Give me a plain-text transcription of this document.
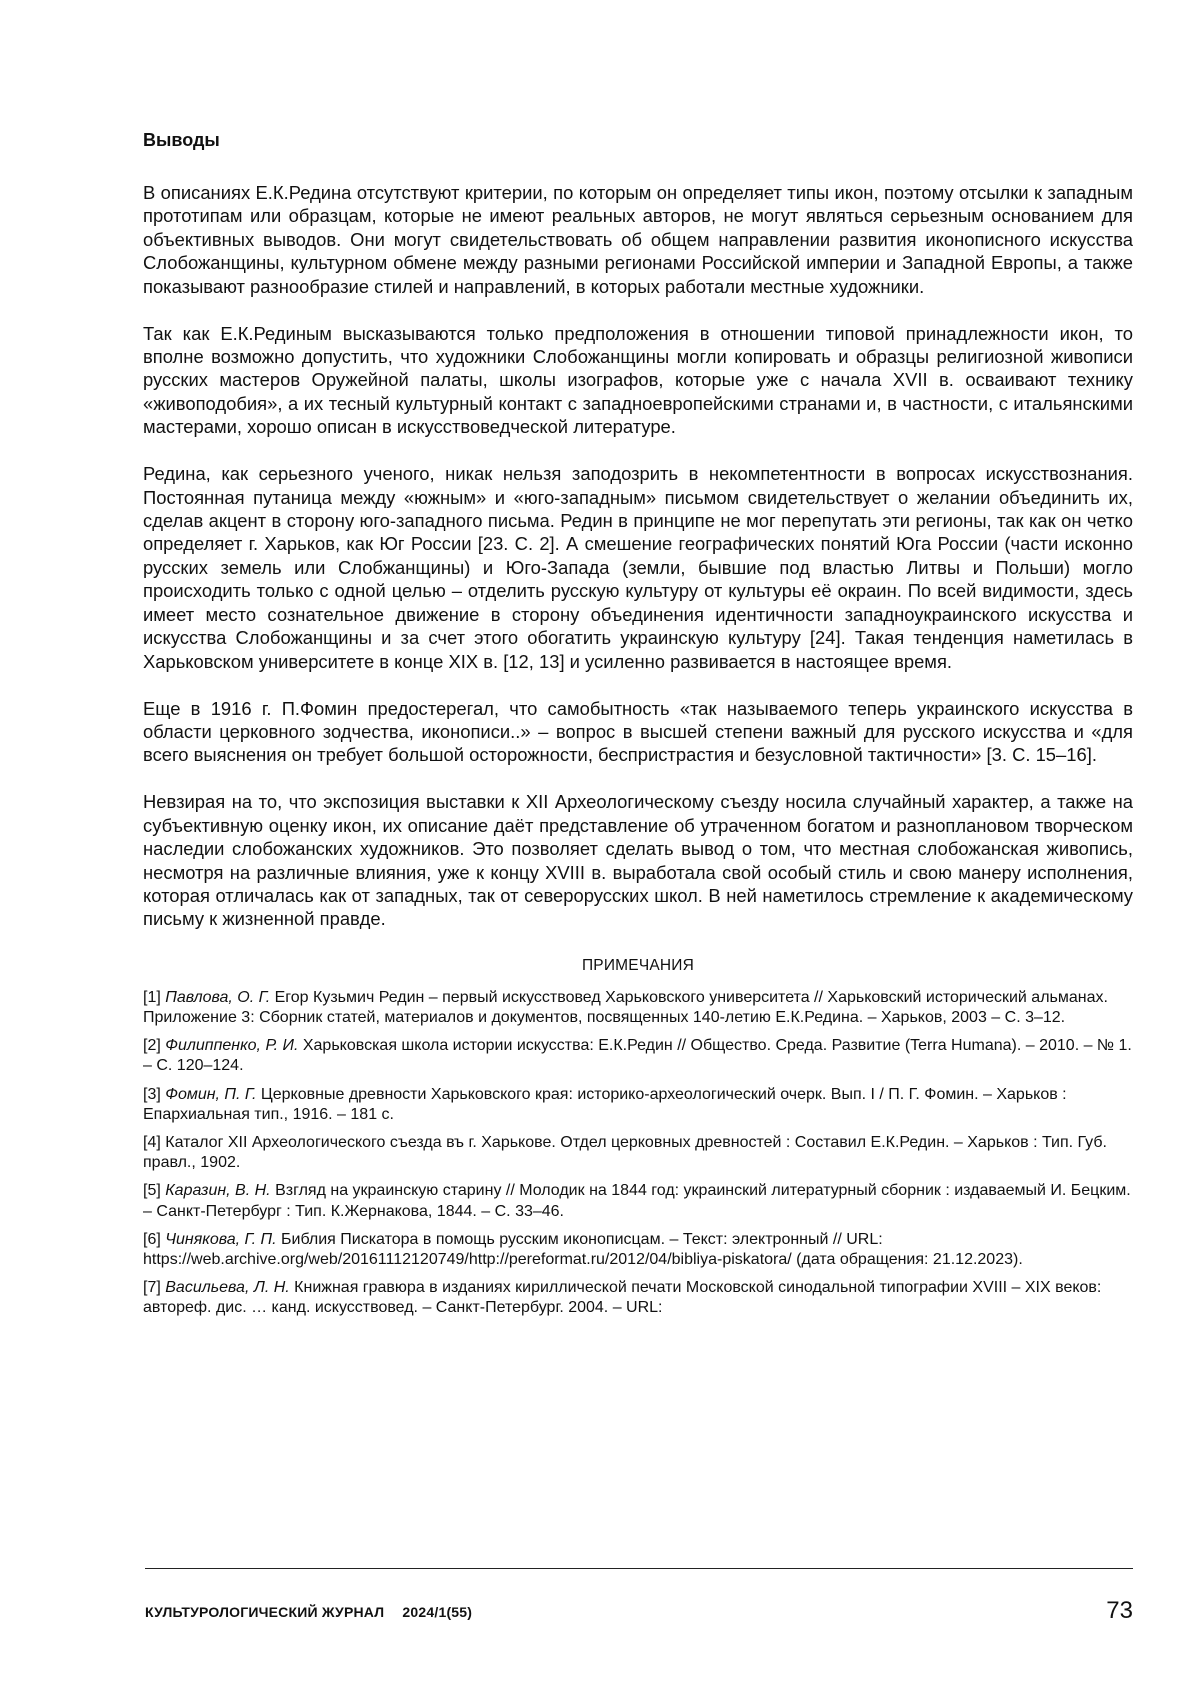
Выводы

В описаниях Е.К.Редина отсутствуют критерии, по которым он определяет типы икон, поэтому отсылки к западным прототипам или образцам, которые не имеют реальных авторов, не могут являться серьезным основанием для объективных выводов. Они могут свидетельствовать об общем направлении развития иконописного искусства Слобожанщины, культурном обмене между разными регионами Российской империи и Западной Европы, а также показывают разнообразие стилей и направлений, в которых работали местные художники.

Так как Е.К.Рединым высказываются только предположения в отношении типовой принадлежности икон, то вполне возможно допустить, что художники Слобожанщины могли копировать и образцы религиозной живописи русских мастеров Оружейной палаты, школы изографов, которые уже с начала XVII в. осваивают технику «живоподобия», а их тесный культурный контакт с западноевропейскими странами и, в частности, с итальянскими мастерами, хорошо описан в искусствоведческой литературе.

Редина, как серьезного ученого, никак нельзя заподозрить в некомпетентности в вопросах искусствознания. Постоянная путаница между «южным» и «юго-западным» письмом свидетельствует о желании объединить их, сделав акцент в сторону юго-западного письма. Редин в принципе не мог перепутать эти регионы, так как он четко определяет г. Харьков, как Юг России [23. С. 2]. А смешение географических понятий Юга России (части исконно русских земель или Слобжанщины) и Юго-Запада (земли, бывшие под властью Литвы и Польши) могло происходить только с одной целью – отделить русскую культуру от культуры её окраин. По всей видимости, здесь имеет место сознательное движение в сторону объединения идентичности западноукраинского искусства и искусства Слобожанщины и за счет этого обогатить украинскую культуру [24]. Такая тенденция наметилась в Харьковском университете в конце XIX в. [12, 13] и усиленно развивается в настоящее время.

Еще в 1916 г. П.Фомин предостерегал, что самобытность «так называемого теперь украинского искусства в области церковного зодчества, иконописи..» – вопрос в высшей степени важный для русского искусства и «для всего выяснения он требует большой осторожности, беспристрастия и безусловной тактичности» [3. С. 15–16].

Невзирая на то, что экспозиция выставки к XII Археологическому съезду носила случайный характер, а также на субъективную оценку икон, их описание даёт представление об утраченном богатом и разноплановом творческом наследии слобожанских художников. Это позволяет сделать вывод о том, что местная слобожанская живопись, несмотря на различные влияния, уже к концу XVIII в. выработала свой особый стиль и свою манеру исполнения, которая отличалась как от западных, так от северорусских школ. В ней наметилось стремление к академическому письму к жизненной правде.

ПРИМЕЧАНИЯ
[1] Павлова, О. Г. Егор Кузьмич Редин – первый искусствовед Харьковского университета // Харьковский исторический альманах. Приложение 3: Сборник статей, материалов и документов, посвященных 140-летию Е.К.Редина. – Харьков, 2003 – С. 3–12.
[2] Филиппенко, Р. И. Харьковская школа истории искусства: Е.К.Редин // Общество. Среда. Развитие (Terra Humana). – 2010. – № 1. – С. 120–124.
[3] Фомин, П. Г. Церковные древности Харьковского края: историко-археологический очерк. Вып. I / П. Г. Фомин. – Харьков : Епархиальная тип., 1916. – 181 с.
[4] Каталог XII Археологического съезда въ г. Харькове. Отдел церковных древностей : Составил Е.К.Редин. – Харьков : Тип. Губ. правл., 1902.
[5] Каразин, В. Н. Взгляд на украинскую старину // Молодик на 1844 год: украинский литературный сборник : издаваемый И. Бецким. – Санкт-Петербург : Тип. К.Жернакова, 1844. – С. 33–46.
[6] Чинякова, Г. П. Библия Пискатора в помощь русским иконописцам. – Текст: электронный // URL: https://web.archive.org/web/20161112120749/http://pereformat.ru/2012/04/bibliya-piskatora/ (дата обращения: 21.12.2023).
[7] Васильева, Л. Н. Книжная гравюра в изданиях кириллической печати Московской синодальной типографии XVIII – XIX веков: автореф. дис. … канд. искусствовед. – Санкт-Петербург. 2004. – URL:
КУЛЬТУРОЛОГИЧЕСКИЙ ЖУРНАЛ 2024/1(55)	73
